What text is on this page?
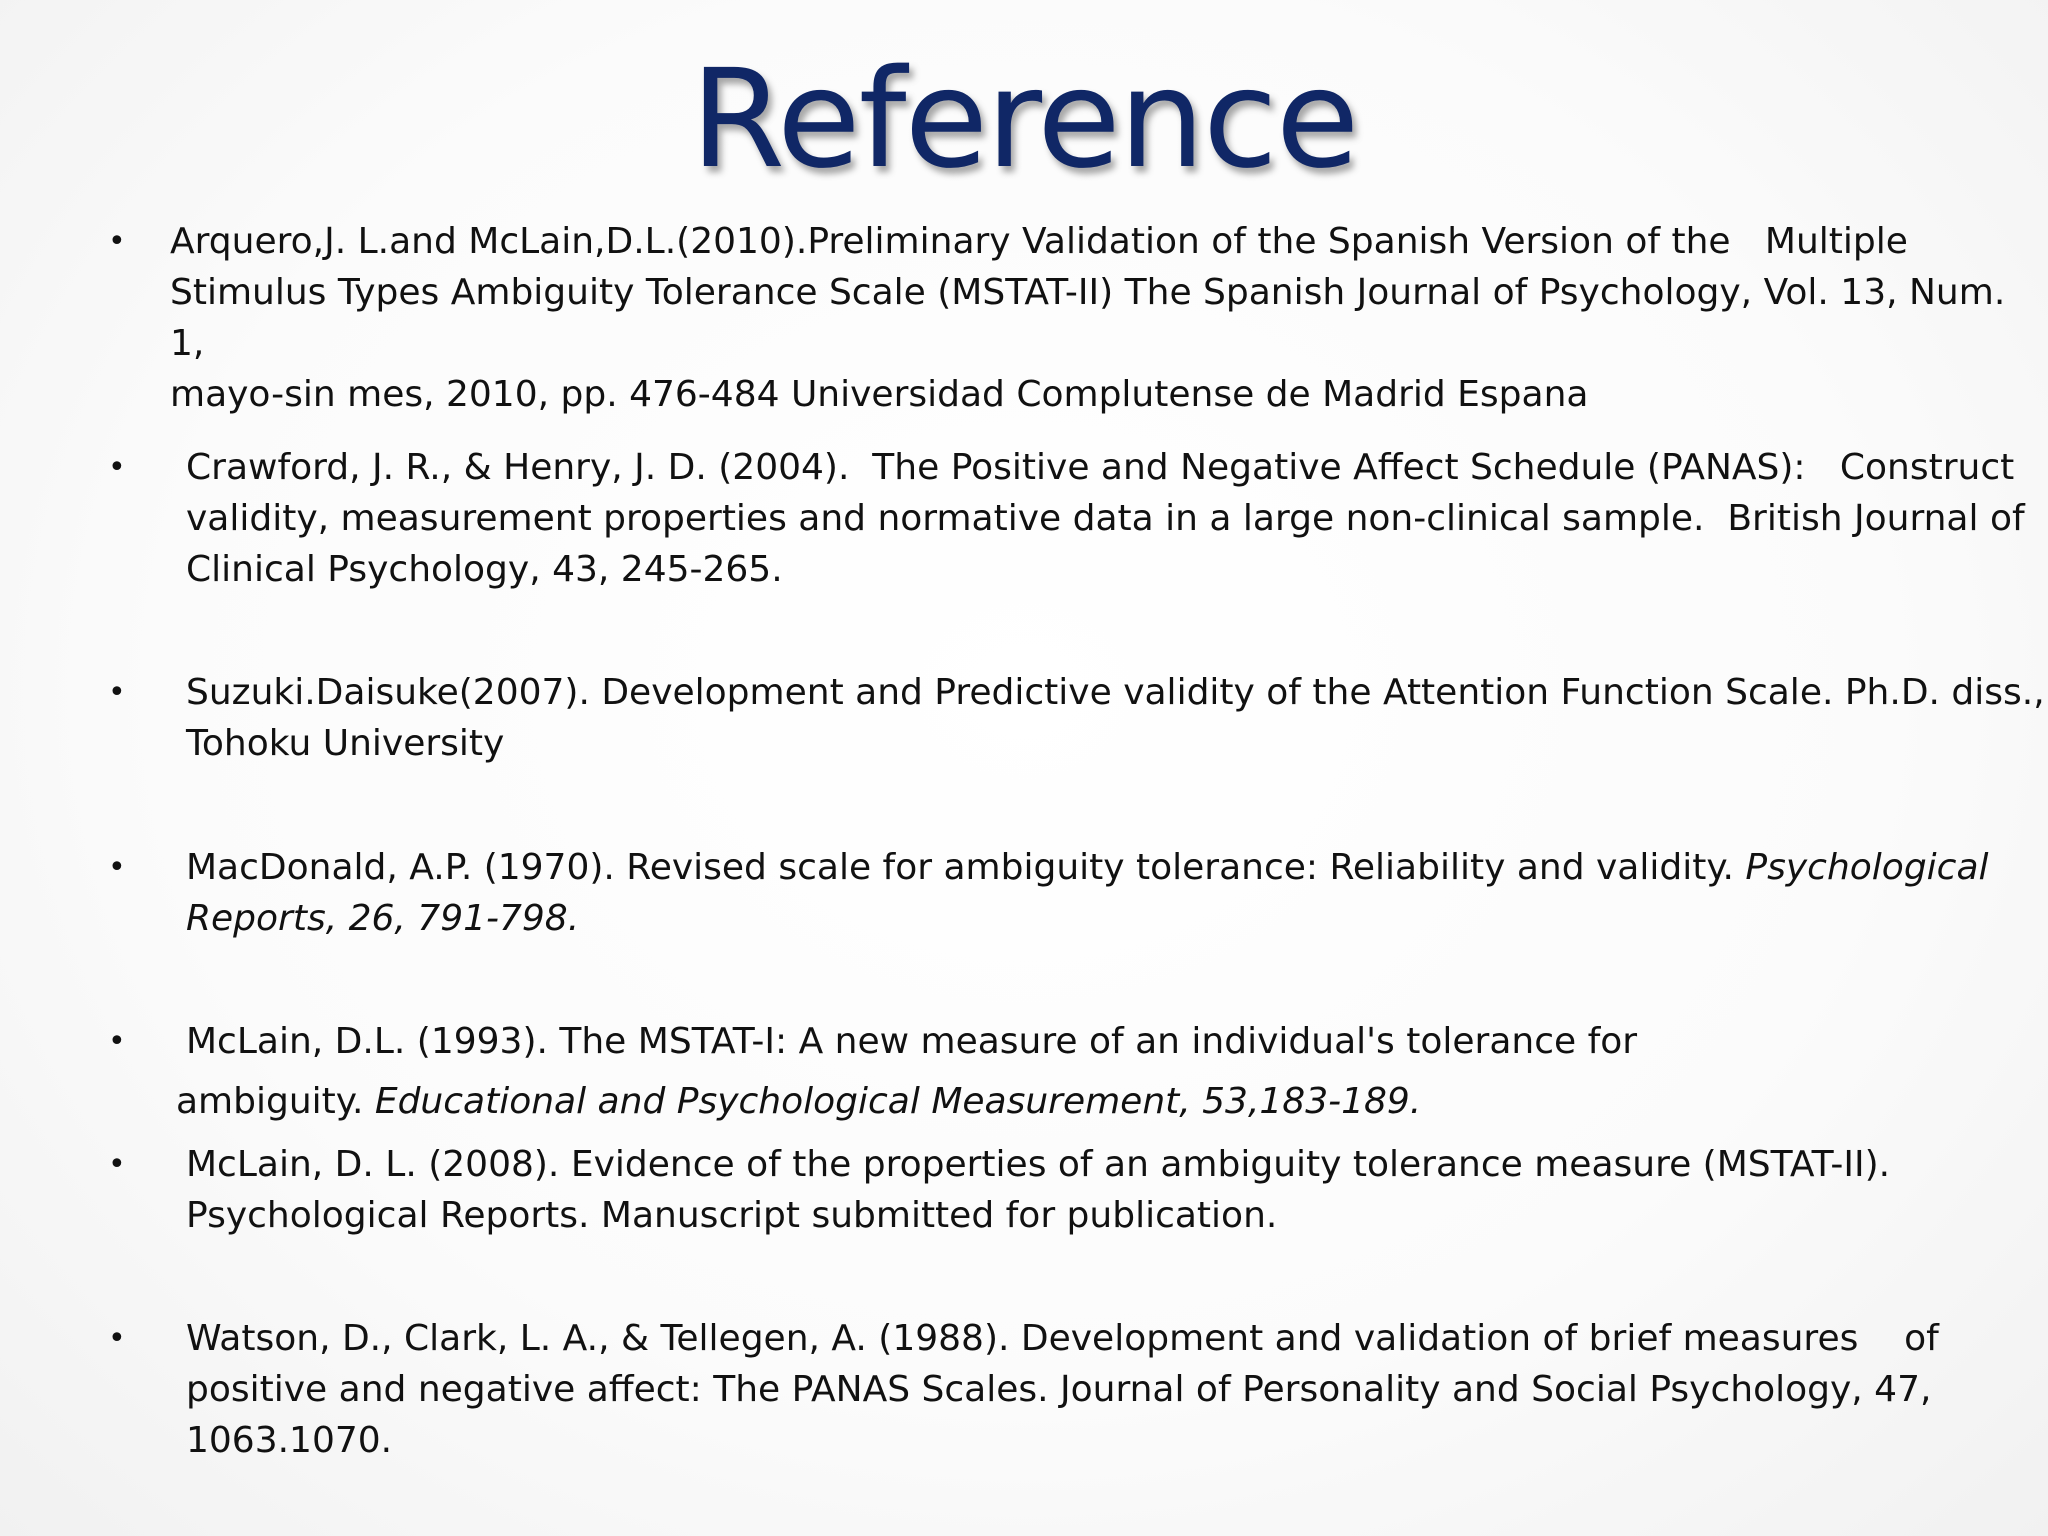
Reference
• Arquero,J. L.and McLain,D.L.(2010).Preliminary Validation of the Spanish Version of the   Multiple
Stimulus Types Ambiguity Tolerance Scale (MSTAT-II) The Spanish Journal of Psychology, Vol. 13, Num. 1,
mayo-sin mes, 2010, pp. 476-484 Universidad Complutense de Madrid Espana
• Crawford, J. R., & Henry, J. D. (2004).  The Positive and Negative Affect Schedule (PANAS):   Construct
validity, measurement properties and normative data in a large non-clinical sample.  British Journal of
Clinical Psychology, 43, 245-265.
• Suzuki.Daisuke(2007). Development and Predictive validity of the Attention Function Scale. Ph.D. diss.,
Tohoku University
• MacDonald, A.P. (1970). Revised scale for ambiguity tolerance: Reliability and validity. Psychological
Reports, 26, 791-798.
• McLain, D.L. (1993). The MSTAT-I: A new measure of an individual's tolerance for
ambiguity. Educational and Psychological Measurement, 53,183-189.
• McLain, D. L. (2008). Evidence of the properties of an ambiguity tolerance measure (MSTAT-II).
Psychological Reports. Manuscript submitted for publication.
• Watson, D., Clark, L. A., & Tellegen, A. (1988). Development and validation of brief measures    of
positive and negative affect: The PANAS Scales. Journal of Personality and Social Psychology, 47,
1063.1070.
